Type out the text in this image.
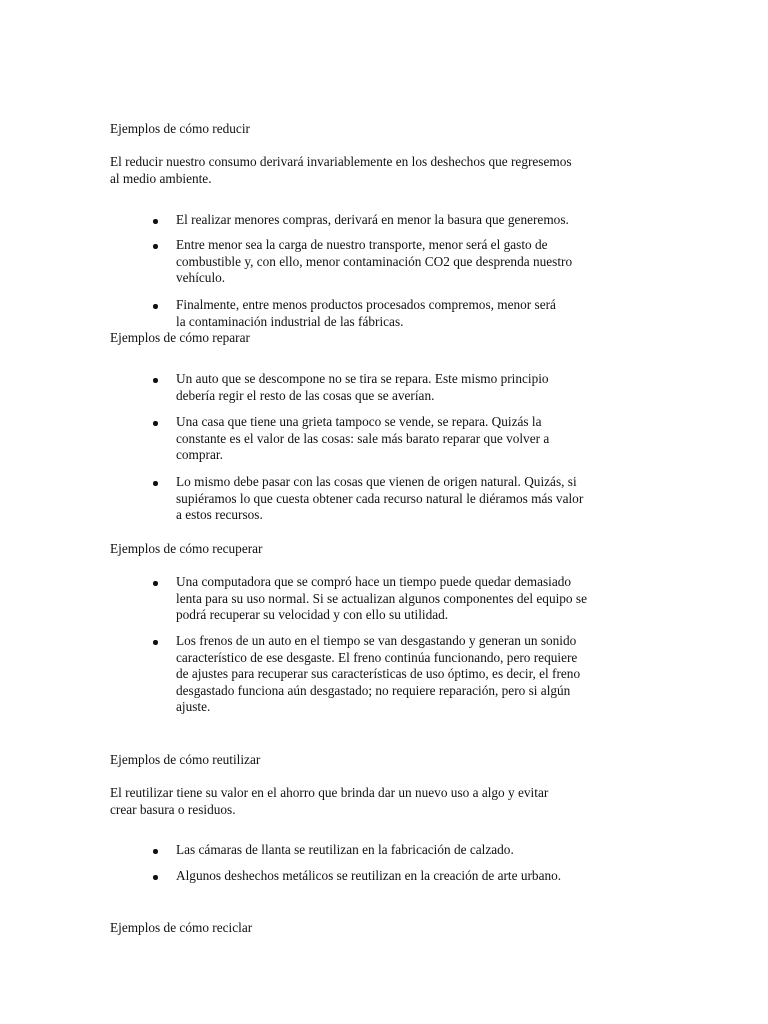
Ejemplos de cómo reducir

El reducir nuestro consumo derivará invariablemente en los deshechos que regresemos
al medio ambiente.

El realizar menores compras, derivará en menor la basura que generemos.
Entre menor sea la carga de nuestro transporte, menor será el gasto de
combustible y, con ello, menor contaminación CO2 que desprenda nuestro
vehículo.
Finalmente, entre menos productos procesados compremos, menor será
la contaminación industrial de las fábricas.
Ejemplos de cómo reparar
Un auto que se descompone no se tira se repara. Este mismo principio
debería regir el resto de las cosas que se averían.
Una casa que tiene una grieta tampoco se vende, se repara. Quizás la
constante es el valor de las cosas: sale más barato reparar que volver a
comprar.
Lo mismo debe pasar con las cosas que vienen de origen natural. Quizás, si
supiéramos lo que cuesta obtener cada recurso natural le diéramos más valor
a estos recursos.
Ejemplos de cómo recuperar
Una computadora que se compró hace un tiempo puede quedar demasiado
lenta para su uso normal. Si se actualizan algunos componentes del equipo se
podrá recuperar su velocidad y con ello su utilidad.
Los frenos de un auto en el tiempo se van desgastando y generan un sonido
característico de ese desgaste. El freno continúa funcionando, pero requiere
de ajustes para recuperar sus características de uso óptimo, es decir, el freno
desgastado funciona aún desgastado; no requiere reparación, pero si algún
ajuste.
Ejemplos de cómo reutilizar

El reutilizar tiene su valor en el ahorro que brinda dar un nuevo uso a algo y evitar
crear basura o residuos.

Las cámaras de llanta se reutilizan en la fabricación de calzado.
Algunos deshechos metálicos se reutilizan en la creación de arte urbano.
Ejemplos de cómo reciclar
